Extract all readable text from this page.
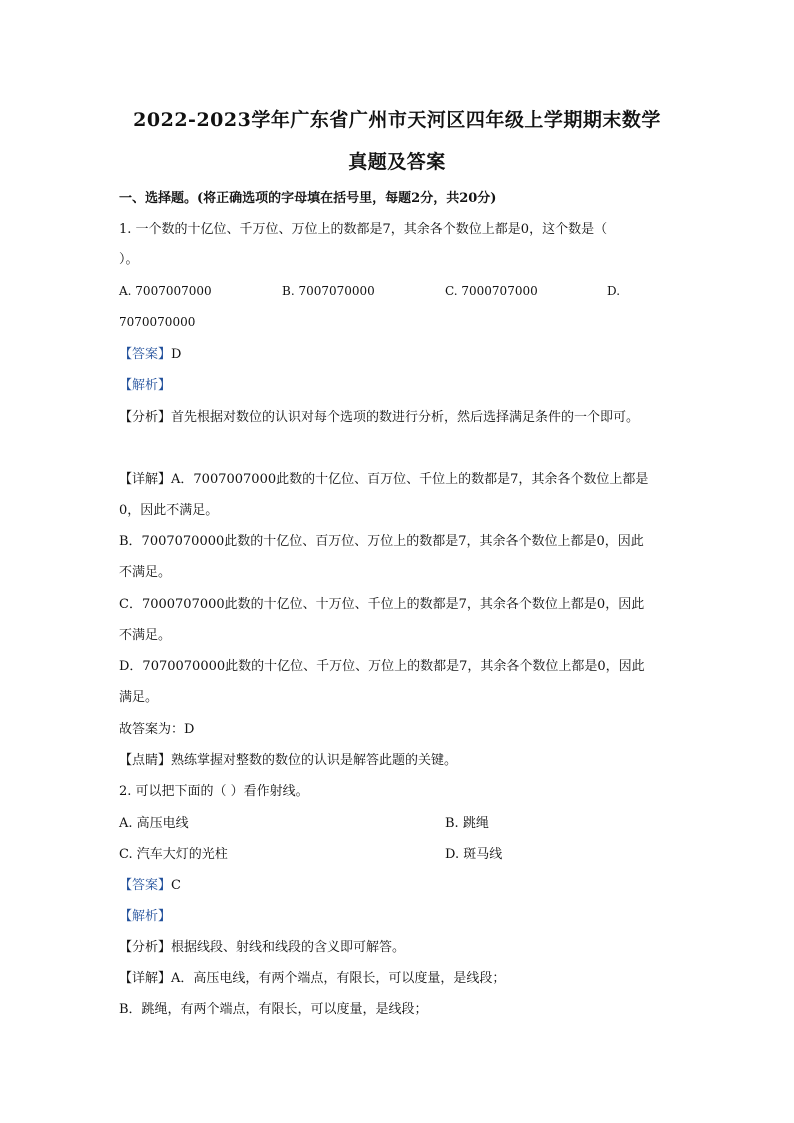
2022-2023学年广东省广州市天河区四年级上学期期末数学
真题及答案
一、选择题。(将正确选项的字母填在括号里，每题2分，共20分)
1. 一个数的十亿位、千万位、万位上的数都是7，其余各个数位上都是0，这个数是（
）。
A. 7007007000	B. 7007070000	C. 7000707000	D.
7070070000
【答案】D
【解析】
【分析】首先根据对数位的认识对每个选项的数进行分析，然后选择满足条件的一个即可。
【详解】A．7007007000此数的十亿位、百万位、千位上的数都是7，其余各个数位上都是
0，因此不满足。
B．7007070000此数的十亿位、百万位、万位上的数都是7，其余各个数位上都是0，因此
不满足。
C．7000707000此数的十亿位、十万位、千位上的数都是7，其余各个数位上都是0，因此
不满足。
D．7070070000此数的十亿位、千万位、万位上的数都是7，其余各个数位上都是0，因此
满足。
故答案为：D
【点睛】熟练掌握对整数的数位的认识是解答此题的关键。
2. 可以把下面的（ ）看作射线。
A. 高压电线	B. 跳绳
C. 汽车大灯的光柱	D. 斑马线
【答案】C
【解析】
【分析】根据线段、射线和线段的含义即可解答。
【详解】A．高压电线，有两个端点，有限长，可以度量，是线段；
B．跳绳，有两个端点，有限长，可以度量，是线段；
